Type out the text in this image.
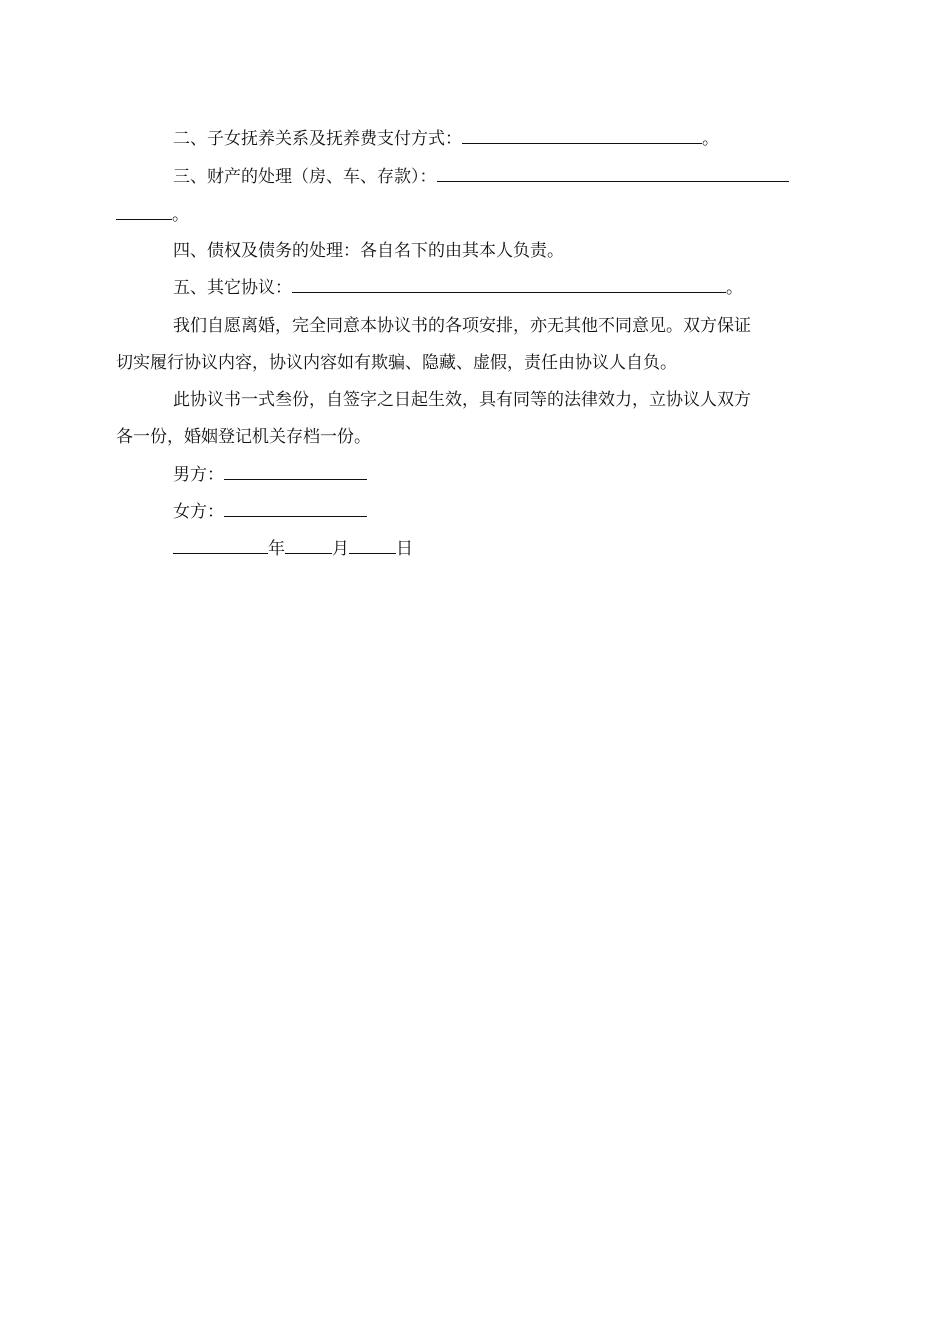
二、子女抚养关系及抚养费支付方式：	。
三、财产的处理（房、车、存款）：
。
四、债权及债务的处理：各自名下的由其本人负责。
五、其它协议：	。
我们自愿离婚，完全同意本协议书的各项安排，亦无其他不同意见。双方保证
切实履行协议内容，协议内容如有欺骗、隐藏、虚假，责任由协议人自负。
此协议书一式叁份，自签字之日起生效，具有同等的法律效力，立协议人双方
各一份，婚姻登记机关存档一份。
男方：
女方：
年	月	日
